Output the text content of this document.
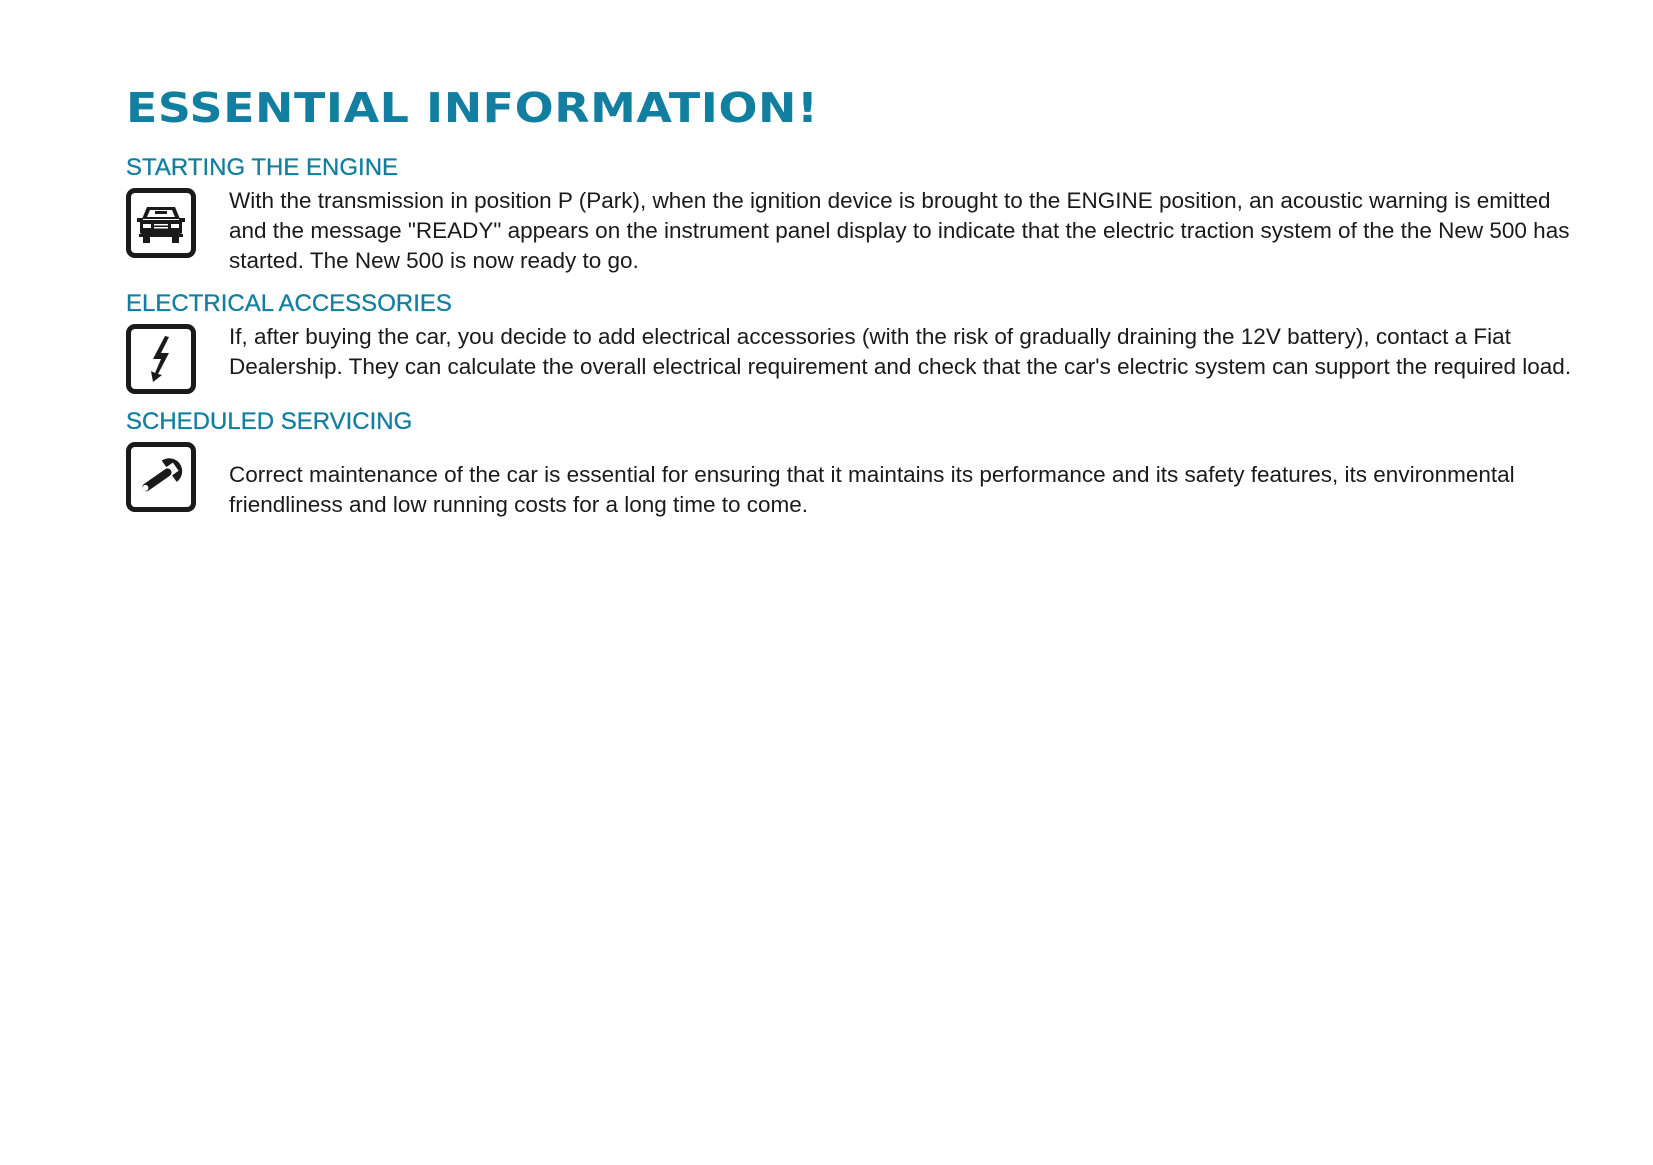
ESSENTIAL INFORMATION!
STARTING THE ENGINE
With the transmission in position P (Park), when the ignition device is brought to the ENGINE position, an acoustic warning is emitted and the message "READY" appears on the instrument panel display to indicate that the electric traction system of the the New 500 has started. The New 500 is now ready to go.
ELECTRICAL ACCESSORIES
If, after buying the car, you decide to add electrical accessories (with the risk of gradually draining the 12V battery), contact a Fiat Dealership. They can calculate the overall electrical requirement and check that the car's electric system can support the required load.
SCHEDULED SERVICING
Correct maintenance of the car is essential for ensuring that it maintains its performance and its safety features, its environmental friendliness and low running costs for a long time to come.
